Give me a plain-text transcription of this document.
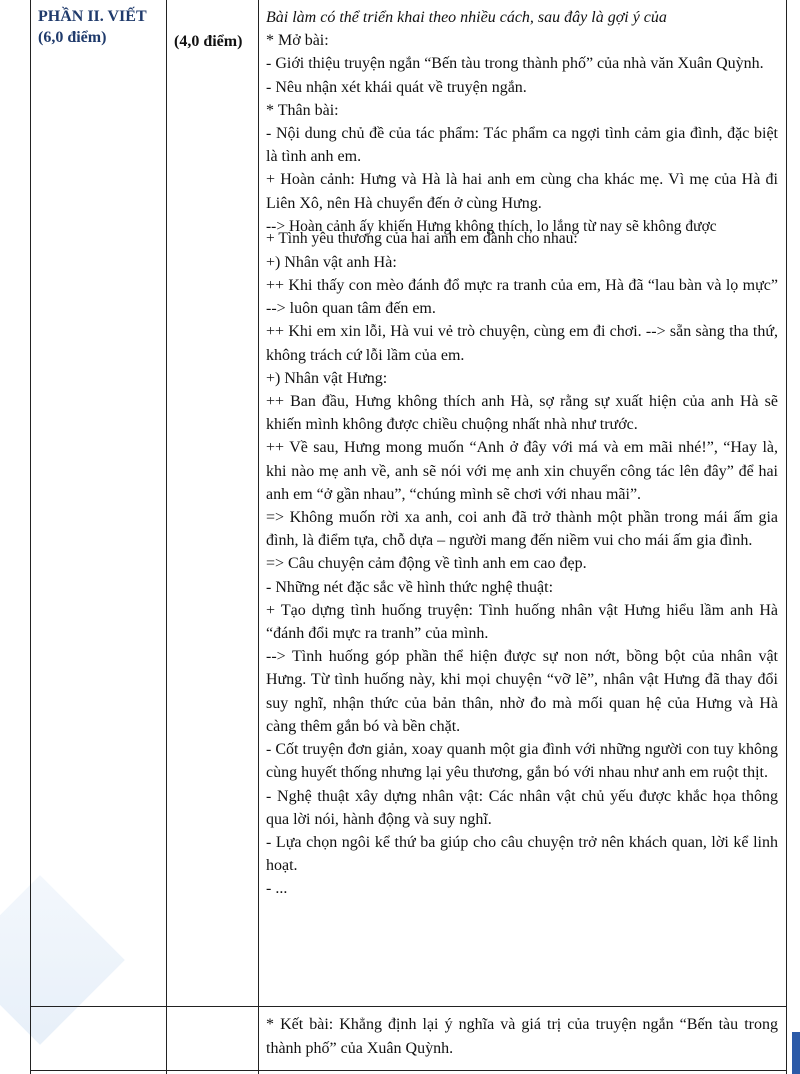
PHẦN II. VIẾT
(6,0 điểm)	(4,0 điểm)

Bài làm có thể triển khai theo nhiều cách, sau đây là gợi ý của

* Mở bài:

- Giới thiệu truyện ngắn “Bến tàu trong thành phố” của nhà văn Xuân Quỳnh.

- Nêu nhận xét khái quát về truyện ngắn.

* Thân bài:

- Nội dung chủ đề của tác phẩm: Tác phẩm ca ngợi tình cảm gia đình, đặc biệt là tình anh em.

+ Hoàn cảnh: Hưng và Hà là hai anh em cùng cha khác mẹ. Vì mẹ của Hà đi Liên Xô, nên Hà chuyển đến ở cùng Hưng.

--> Hoàn cảnh ấy khiến Hưng không thích, lo lắng từ nay sẽ không được

+ Tình yêu thương của hai anh em dành cho nhau:

+) Nhân vật anh Hà:

++ Khi thấy con mèo đánh đổ mực ra tranh của em, Hà đã “lau bàn và lọ mực” --> luôn quan tâm đến em.

++ Khi em xin lỗi, Hà vui vẻ trò chuyện, cùng em đi chơi. --> sẵn sàng tha thứ, không trách cứ lỗi lầm của em.

+) Nhân vật Hưng:

++ Ban đầu, Hưng không thích anh Hà, sợ rằng sự xuất hiện của anh Hà sẽ khiến mình không được chiều chuộng nhất nhà như trước.

++ Về sau, Hưng mong muốn “Anh ở đây với má và em mãi nhé!”, “Hay là, khi nào mẹ anh về, anh sẽ nói với mẹ anh xin chuyển công tác lên đây” để hai anh em “ở gần nhau”, “chúng mình sẽ chơi với nhau mãi”.

=> Không muốn rời xa anh, coi anh đã trở thành một phần trong mái ấm gia đình, là điểm tựa, chỗ dựa – người mang đến niềm vui cho mái ấm gia đình.

=> Câu chuyện cảm động về tình anh em cao đẹp.

- Những nét đặc sắc về hình thức nghệ thuật:

+ Tạo dựng tình huống truyện: Tình huống nhân vật Hưng hiểu lầm anh Hà “đánh đổi mực ra tranh” của mình.

--> Tình huống góp phần thể hiện được sự non nớt, bồng bột của nhân vật Hưng. Từ tình huống này, khi mọi chuyện “vỡ lẽ”, nhân vật Hưng đã thay đổi suy nghĩ, nhận thức của bản thân, nhờ đo mà mối quan hệ của Hưng và Hà càng thêm gắn bó và bền chặt.

- Cốt truyện đơn giản, xoay quanh một gia đình với những người con tuy không cùng huyết thống nhưng lại yêu thương, gắn bó với nhau như anh em ruột thịt.

- Nghệ thuật xây dựng nhân vật: Các nhân vật chủ yếu được khắc họa thông qua lời nói, hành động và suy nghĩ.

- Lựa chọn ngôi kể thứ ba giúp cho câu chuyện trở nên khách quan, lời kể linh hoạt.

- ...

* Kết bài: Khẳng định lại ý nghĩa và giá trị của truyện ngắn “Bến tàu trong thành phố” của Xuân Quỳnh.
